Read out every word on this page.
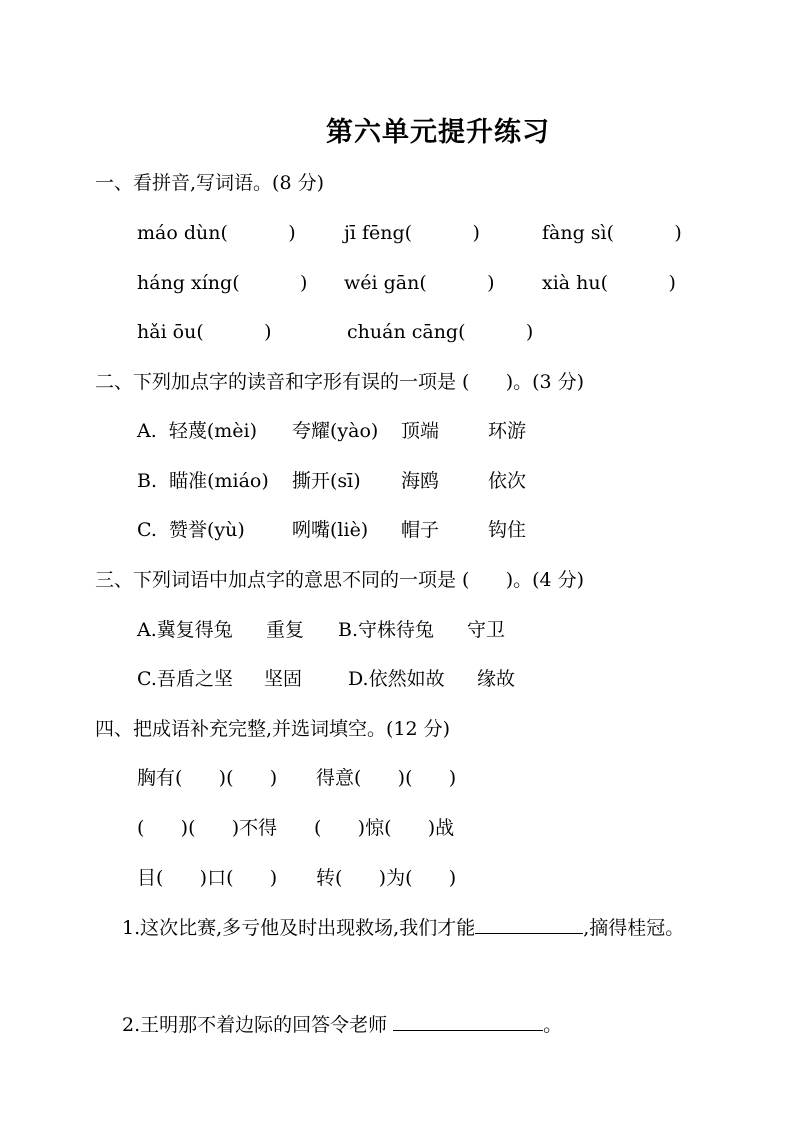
第六单元提升练习
一、看拼音,写词语。(8 分)
máo dùn(          )	jī fēng(          )	fàng sì(          )
háng xíng(          ) wéi gān(          ) xià hu(          )
hǎi ōu(          )	chuán cāng(          )
二、下列加点字的读音和字形有误的一项是 (      )。(3 分)
A.  轻蔑(mèi) 夸耀(yào) 顶端	环游
B.  瞄准(miáo) 撕开(sī) 海鸥	依次
C.  赞誉(yù) 咧嘴(liè) 帽子	钩住
三、下列词语中加点字的意思不同的一项是 (      )。(4 分)
A.冀复得兔 重复 B.守株待兔 守卫
C.吾盾之坚 坚固 D.依然如故 缘故
四、把成语补充完整,并选词填空。(12 分)
胸有(      )(      ) 得意(      )(      )
(      )(      )不得 (      )惊(      )战
目(      )口(      ) 转(      )为(      )
1.这次比赛,多亏他及时出现救场,我们才能	,摘得桂冠。
2.王明那不着边际的回答令老师	。
